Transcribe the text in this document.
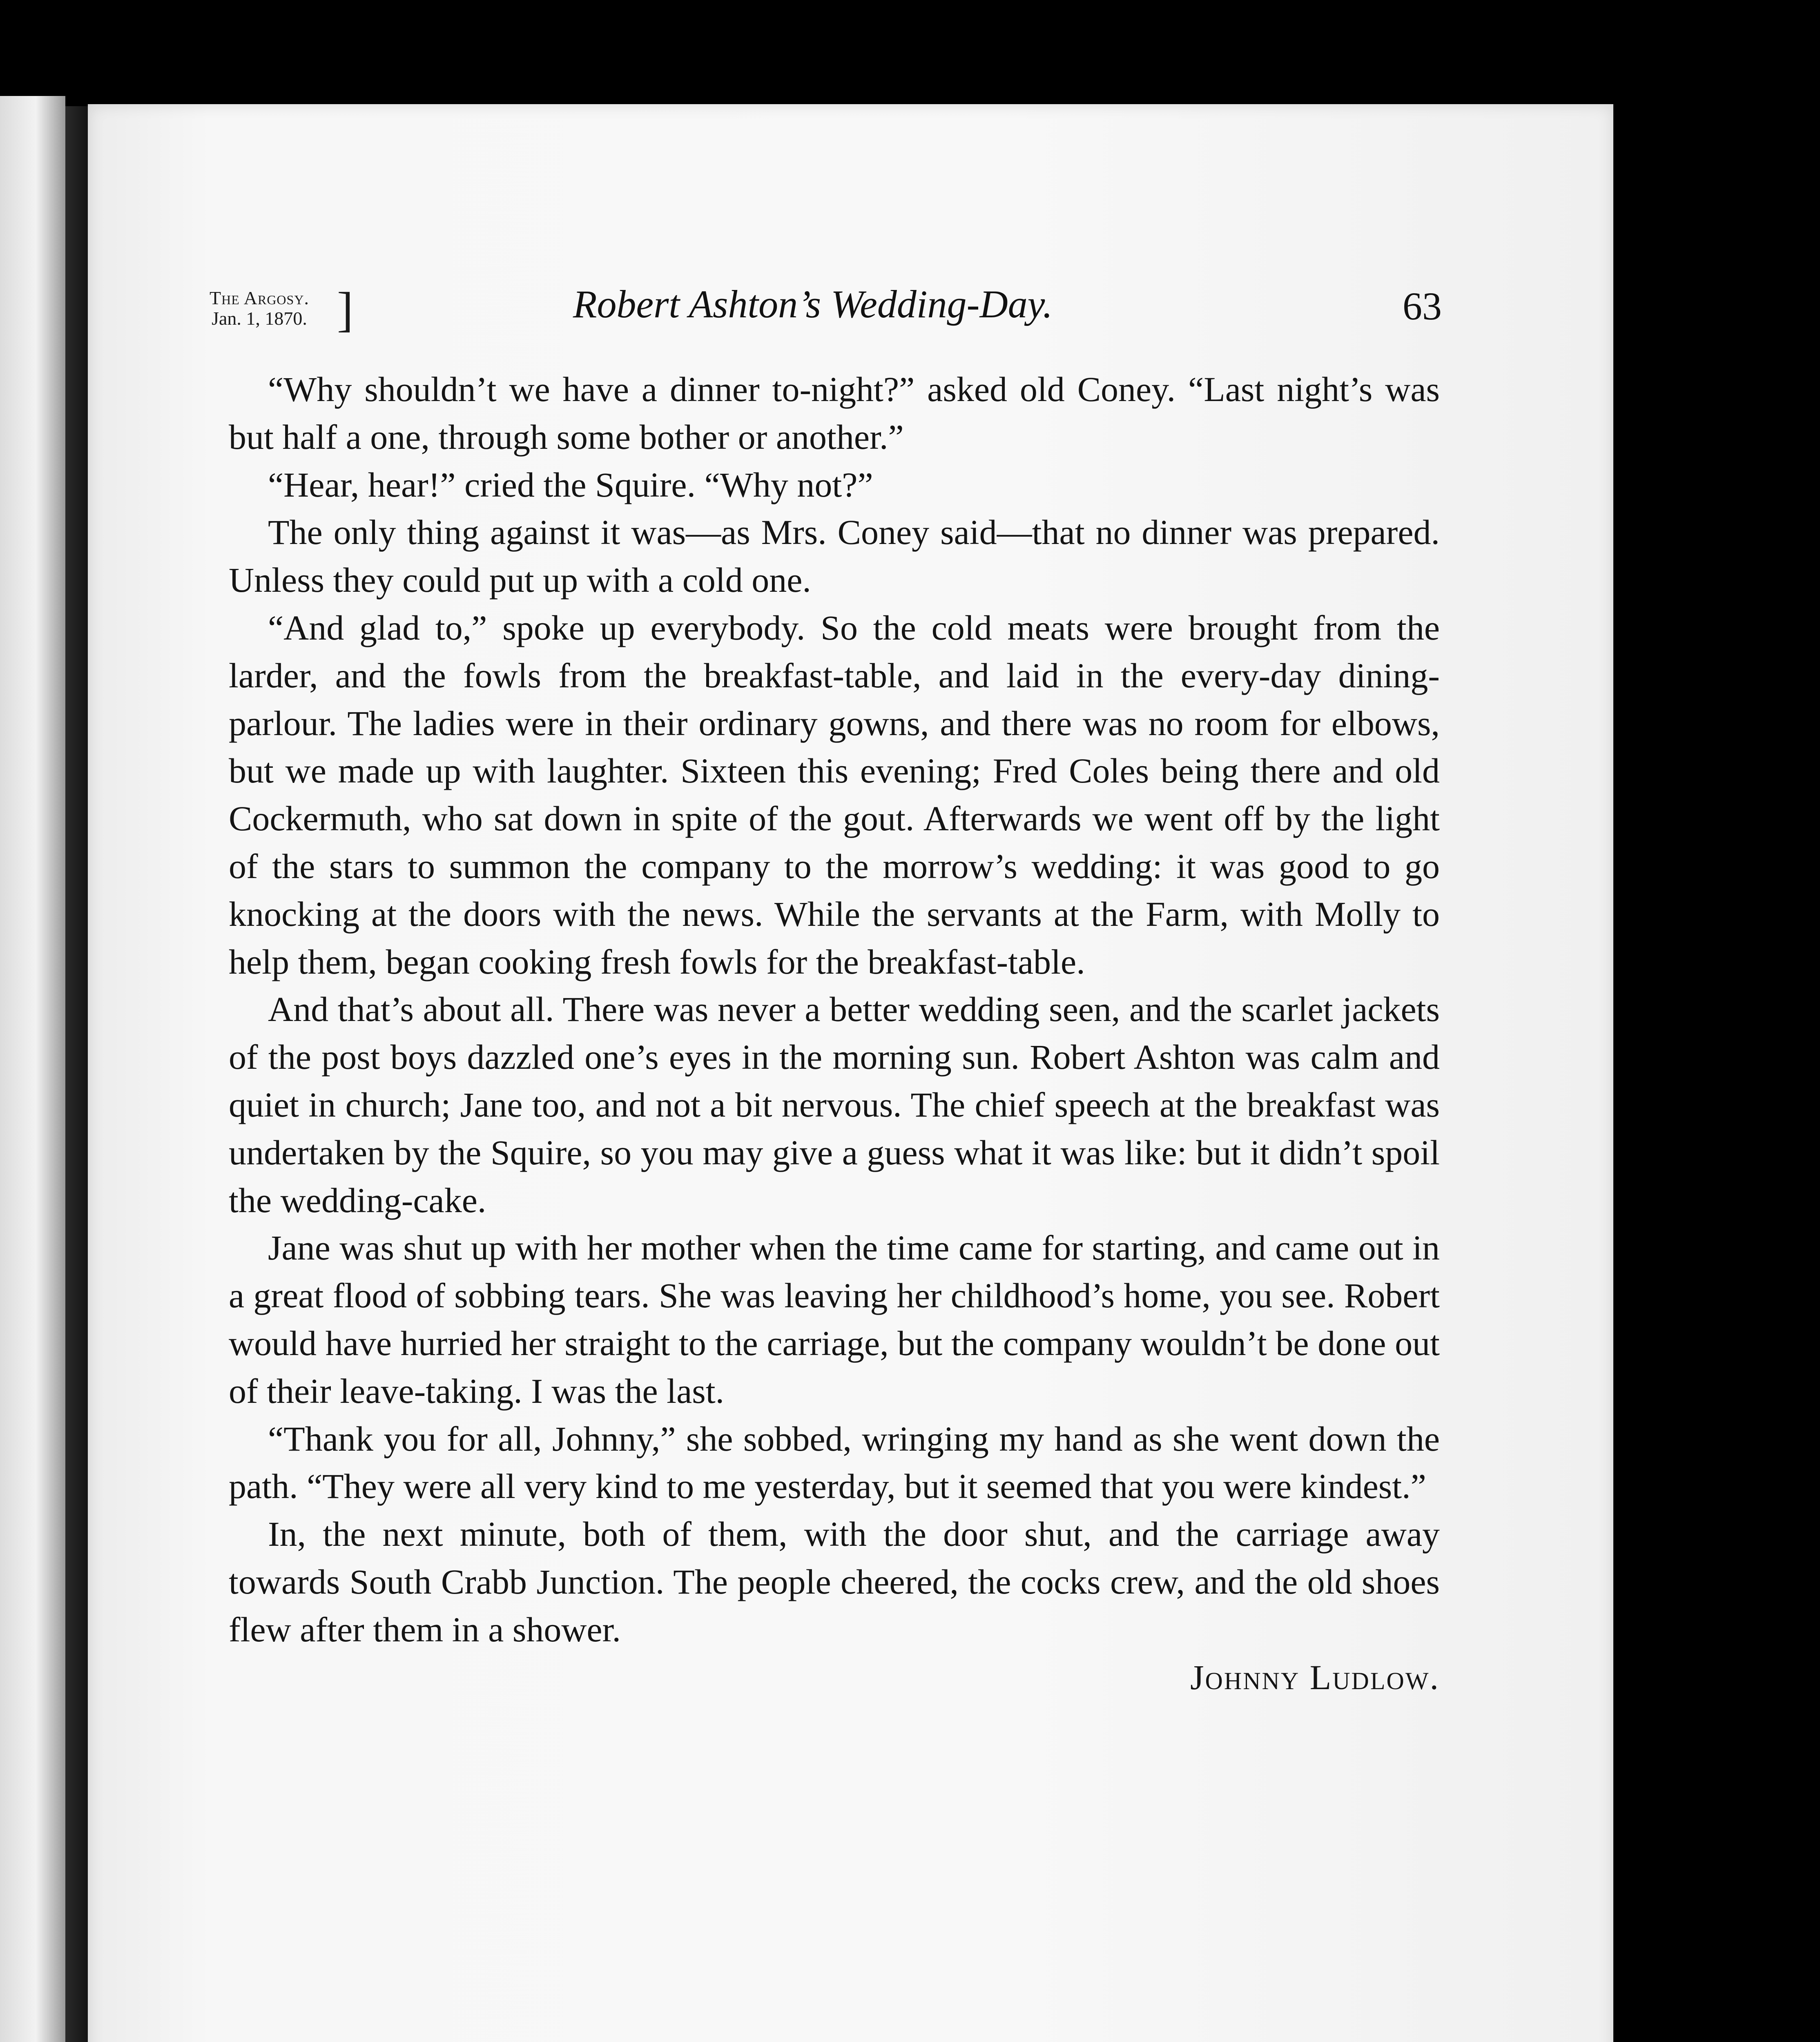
The Argosy.
Jan. 1, 1870. ]	Robert Ashton’s Wedding-Day.	63

“Why shouldn’t we have a dinner to-night?” asked old Coney. “Last night’s was but half a one, through some bother or another.”

“Hear, hear!” cried the Squire. “Why not?”

The only thing against it was—as Mrs. Coney said—that no dinner was prepared. Unless they could put up with a cold one.

“And glad to,” spoke up everybody. So the cold meats were brought from the larder, and the fowls from the breakfast-table, and laid in the every-day dining-parlour. The ladies were in their ordinary gowns, and there was no room for elbows, but we made up with laughter. Sixteen this evening; Fred Coles being there and old Cockermuth, who sat down in spite of the gout. Afterwards we went off by the light of the stars to summon the company to the morrow’s wedding: it was good to go knocking at the doors with the news. While the servants at the Farm, with Molly to help them, began cooking fresh fowls for the breakfast-table.

And that’s about all. There was never a better wedding seen, and the scarlet jackets of the post boys dazzled one’s eyes in the morning sun. Robert Ashton was calm and quiet in church; Jane too, and not a bit nervous. The chief speech at the breakfast was undertaken by the Squire, so you may give a guess what it was like: but it didn’t spoil the wedding-cake.

Jane was shut up with her mother when the time came for starting, and came out in a great flood of sobbing tears. She was leaving her childhood’s home, you see. Robert would have hurried her straight to the carriage, but the company wouldn’t be done out of their leave-taking. I was the last.

“Thank you for all, Johnny,” she sobbed, wringing my hand as she went down the path. “They were all very kind to me yesterday, but it seemed that you were kindest.”

In, the next minute, both of them, with the door shut, and the carriage away towards South Crabb Junction. The people cheered, the cocks crew, and the old shoes flew after them in a shower.

Johnny Ludlow.
